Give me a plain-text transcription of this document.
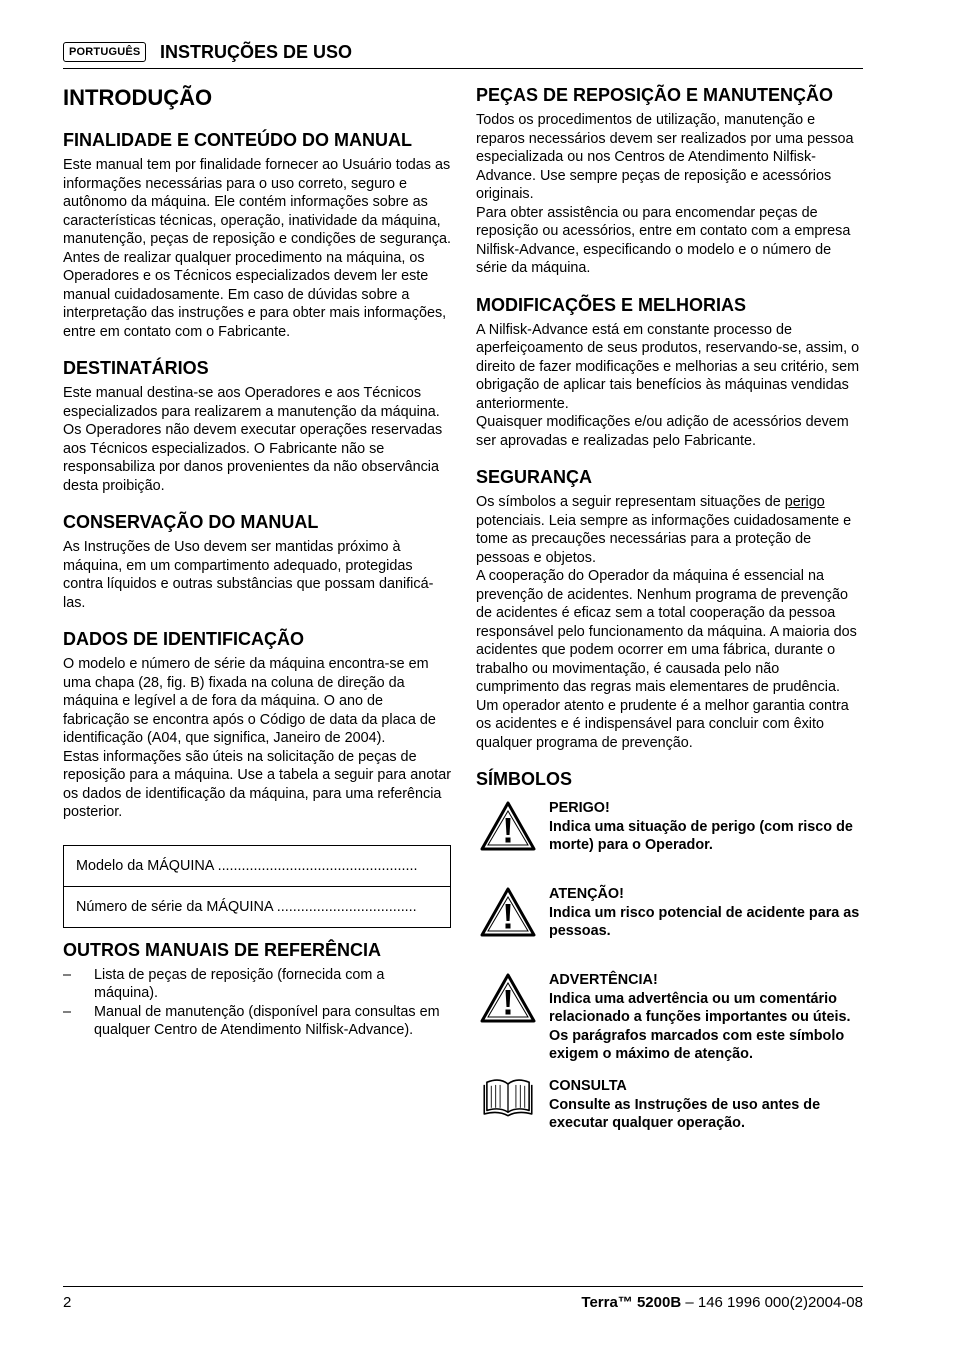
PORTUGUÊS	INSTRUÇÕES DE USO
INTRODUÇÃO
FINALIDADE E CONTEÚDO DO MANUAL

Este manual tem por finalidade fornecer ao Usuário todas as informações necessárias para o uso correto, seguro e autônomo da máquina. Ele contém informações sobre as características técnicas, operação, inatividade da máquina, manutenção, peças de reposição e condições de segurança.

Antes de realizar qualquer procedimento na máquina, os Operadores e os Técnicos especializados devem ler este manual cuidadosamente. Em caso de dúvidas sobre a interpretação das instruções e para obter mais informações, entre em contato com o Fabricante.

DESTINATÁRIOS

Este manual destina-se aos Operadores e aos Técnicos especializados para realizarem a manutenção da máquina.

Os Operadores não devem executar operações reservadas aos Técnicos especializados. O Fabricante não se responsabiliza por danos provenientes da não observância desta proibição.

CONSERVAÇÃO DO MANUAL

As Instruções de Uso devem ser mantidas próximo à máquina, em um compartimento adequado, protegidas contra líquidos e outras substâncias que possam danificá-las.

DADOS DE IDENTIFICAÇÃO

O modelo e número de série da máquina encontra-se em uma chapa (28, fig. B) fixada na coluna de direção da máquina e legível a de fora da máquina. O ano de fabricação se encontra após o Código de data da placa de identificação (A04, que significa, Janeiro de 2004).

Estas informações são úteis na solicitação de peças de reposição para a máquina. Use a tabela a seguir para anotar os dados de identificação da máquina, para uma referência posterior.

Modelo da MÁQUINA ..................................................
Número de série da MÁQUINA ...................................
OUTROS MANUAIS DE REFERÊNCIA
– Lista de peças de reposição (fornecida com a máquina).
– Manual de manutenção (disponível para consultas em qualquer Centro de Atendimento Nilfisk-Advance).
PEÇAS DE REPOSIÇÃO E MANUTENÇÃO

Todos os procedimentos de utilização, manutenção e reparos necessários devem ser realizados por uma pessoa especializada ou nos Centros de Atendimento Nilfisk-Advance. Use sempre peças de reposição e acessórios originais.

Para obter assistência ou para encomendar peças de reposição ou acessórios, entre em contato com a empresa Nilfisk-Advance, especificando o modelo e o número de série da máquina.

MODIFICAÇÕES E MELHORIAS

A Nilfisk-Advance está em constante processo de aperfeiçoamento de seus produtos, reservando-se, assim, o direito de fazer modificações e melhorias a seu critério, sem obrigação de aplicar tais benefícios às máquinas vendidas anteriormente.

Quaisquer modificações e/ou adição de acessórios devem ser aprovadas e realizadas pelo Fabricante.

SEGURANÇA

Os símbolos a seguir representam situações de perigo potenciais. Leia sempre as informações cuidadosamente e tome as precauções necessárias para a proteção de pessoas e objetos.

A cooperação do Operador da máquina é essencial na prevenção de acidentes. Nenhum programa de prevenção de acidentes é eficaz sem a total cooperação da pessoa responsável pelo funcionamento da máquina. A maioria dos acidentes que podem ocorrer em uma fábrica, durante o trabalho ou movimentação, é causada pelo não cumprimento das regras mais elementares de prudência. Um operador atento e prudente é a melhor garantia contra os acidentes e é indispensável para concluir com êxito qualquer programa de prevenção.

SÍMBOLOS
PERIGO!
Indica uma situação de perigo (com risco de morte) para o Operador.
ATENÇÃO!
Indica um risco potencial de acidente para as pessoas.
ADVERTÊNCIA!
Indica uma advertência ou um comentário relacionado a funções importantes ou úteis. Os parágrafos marcados com este símbolo exigem o máximo de atenção.
CONSULTA
Consulte as Instruções de uso antes de executar qualquer operação.
2	Terra™ 5200B – 146 1996 000(2)2004-08
